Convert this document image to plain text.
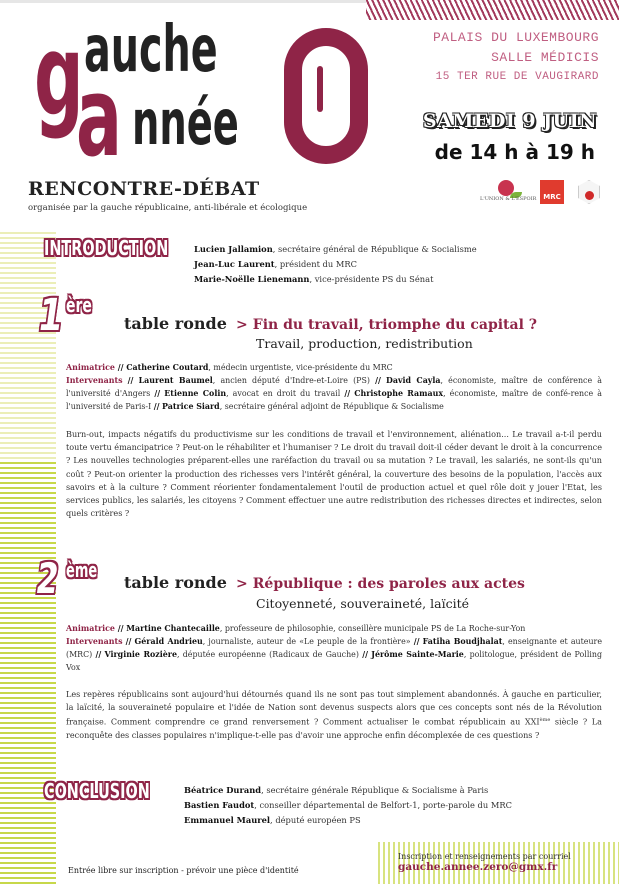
g auche
a nnée
RENCONTRE-DÉBAT
organisée par la gauche républicaine, anti-libérale et écologique
PALAIS DU LUXEMBOURG
SALLE MÉDICIS
15 TER RUE DE VAUGIRARD
SAMEDI 9 JUIN
de 14 h à 19 h
L'UNION & L'ESPOIR MRC
INTRODUCTION	Lucien Jallamion, secrétaire général de République & Socialisme
Jean-Luc Laurent, président du MRC
Marie-Noëlle Lienemann, vice-présidente PS du Sénat
1 ère
table ronde > Fin du travail, triomphe du capital ?
Travail, production, redistribution
Animatrice // Catherine Coutard, médecin urgentiste, vice-présidente du MRC
Intervenants // Laurent Baumel, ancien député d'Indre-et-Loire (PS) // David Cayla, économiste, maître de conférence à l'université d'Angers // Etienne Colin, avocat en droit du travail // Christophe Ramaux, économiste, maître de confé-rence à l'université de Paris-I // Patrice Siard, secrétaire général adjoint de République & Socialisme
Burn-out, impacts négatifs du productivisme sur les conditions de travail et l'environnement, aliénation... Le travail a-t-il perdu toute vertu émancipatrice ? Peut-on le réhabiliter et l'humaniser ? Le droit du travail doit-il céder devant le droit à la concurrence ? Les nouvelles technologies préparent-elles une raréfaction du travail ou sa mutation ? Le travail, les salariés, ne sont-ils qu'un coût ? Peut-on orienter la production des richesses vers l'intérêt général, la couverture des besoins de la population, l'accès aux savoirs et à la culture ? Comment réorienter fondamentalement l'outil de production actuel et quel rôle doit y jouer l'Etat, les services publics, les salariés, les citoyens ? Comment effectuer une autre redistribution des richesses directes et indirectes, selon quels critères ?
2 ème
table ronde > République : des paroles aux actes
Citoyenneté, souveraineté, laïcité
Animatrice // Martine Chantecaille, professeure de philosophie, conseillère municipale PS de La Roche-sur-Yon
Intervenants // Gérald Andrieu, journaliste, auteur de «Le peuple de la frontière» // Fatiha Boudjhalat, enseignante et auteure (MRC) // Virginie Rozière, députée européenne (Radicaux de Gauche) // Jérôme Sainte-Marie, politologue, président de Polling Vox
Les repères républicains sont aujourd'hui détournés quand ils ne sont pas tout simplement abandonnés. À gauche en particulier, la laïcité, la souveraineté populaire et l'idée de Nation sont devenus suspects alors que ces concepts sont nés de la Révolution française. Comment comprendre ce grand renversement ? Comment actualiser le combat républicain au XXIème siècle ? La reconquête des classes populaires n'implique-t-elle pas d'avoir une approche enfin décomplexée de ces questions ?
CONCLUSION	Béatrice Durand, secrétaire générale République & Socialisme à Paris
Bastien Faudot, conseiller départemental de Belfort-1, porte-parole du MRC
Emmanuel Maurel, député européen PS
Entrée libre sur inscription - prévoir une pièce d'identité
Inscription et renseignements par courriel
gauche.annee.zero@gmx.fr
